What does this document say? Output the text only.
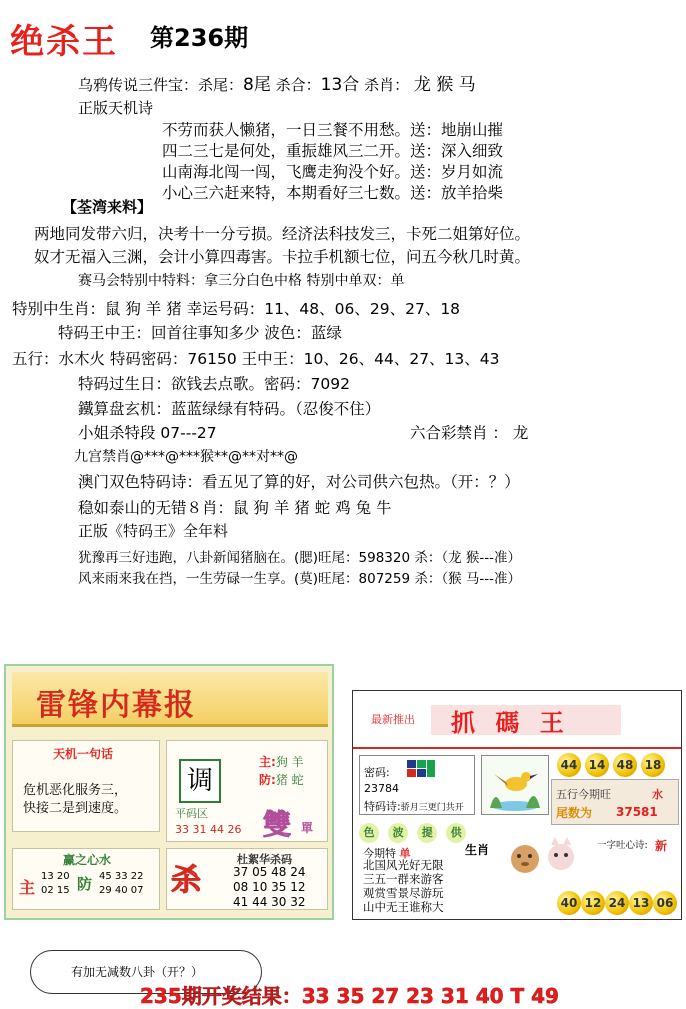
绝杀王 第236期
乌鸦传说三件宝：杀尾：8尾 杀合：13合 杀肖： 龙 猴 马
正版天机诗
不劳而获人懒猪，一日三餐不用愁。送：地崩山摧
四二三七是何处，重振雄风三二开。送：深入细致
山南海北闯一闯，飞鹰走狗没个好。送：岁月如流
小心三六赶来特，本期看好三七数。送：放羊拾柴
【荃湾来料】
两地同发带六归，决考十一分亏损。经济法科技发三，卡死二姐第好位。
奴才无福入三渊，会计小算四毒害。卡拉手机额七位，问五今秋几时黄。
赛马会特别中特料：拿三分白色中格 特别中单双：单
特别中生肖：鼠 狗 羊 猪 幸运号码：11、48、06、29、27、18
特码王中王：回首往事知多少 波色：蓝绿
五行：水木火 特码密码：76150 王中王：10、26、44、27、13、43
特码过生日：欲钱去点歌。密码：7092
鐵算盘玄机：蓝蓝绿绿有特码。（忍俊不住）
小姐杀特段 07---27	六合彩禁肖 ： 龙
九宫禁肖@***@***猴**@**对**@
澳门双色特码诗：看五见了算的好，对公司供六包热。（开：？）
稳如泰山的无错８肖：鼠 狗 羊 猪 蛇 鸡 兔 牛
正版《特码王》全年料
犹豫再三好违跑，八卦新闻猪脑在。(腮)旺尾：598320 杀：（龙 猴---准）
风来雨来我在挡，一生劳碌一生享。(莫)旺尾：807259 杀：（猴 马---准）
雷锋内幕报
天机一句话
危机恶化服务三，
快接二是到速度。
调
主:狗 羊
防:猪 蛇
平码区
33 31 44 26 雙 單
赢之心水
主
13 20
02 15 防 45 33 22
29 40 07 杀
杜絮华杀码
37 05 48 24
08 10 35 12
41 44 30 32
最新推出 抓 碼 王
密码:
23784
特码诗:骄月三更门共开
44 14 48 18
五行今期旺	水
尾数为 37581
色 波 提 供
今期特 单	生肖
北国风光好无限
三五一群来游客
观赏雪景尽游玩
山中无王谁称大
一字吐心诗: 新
40 12 24 13 06
有加无减数八卦（开？）
235期开奖结果：33 35 27 23 31 40 T 49
